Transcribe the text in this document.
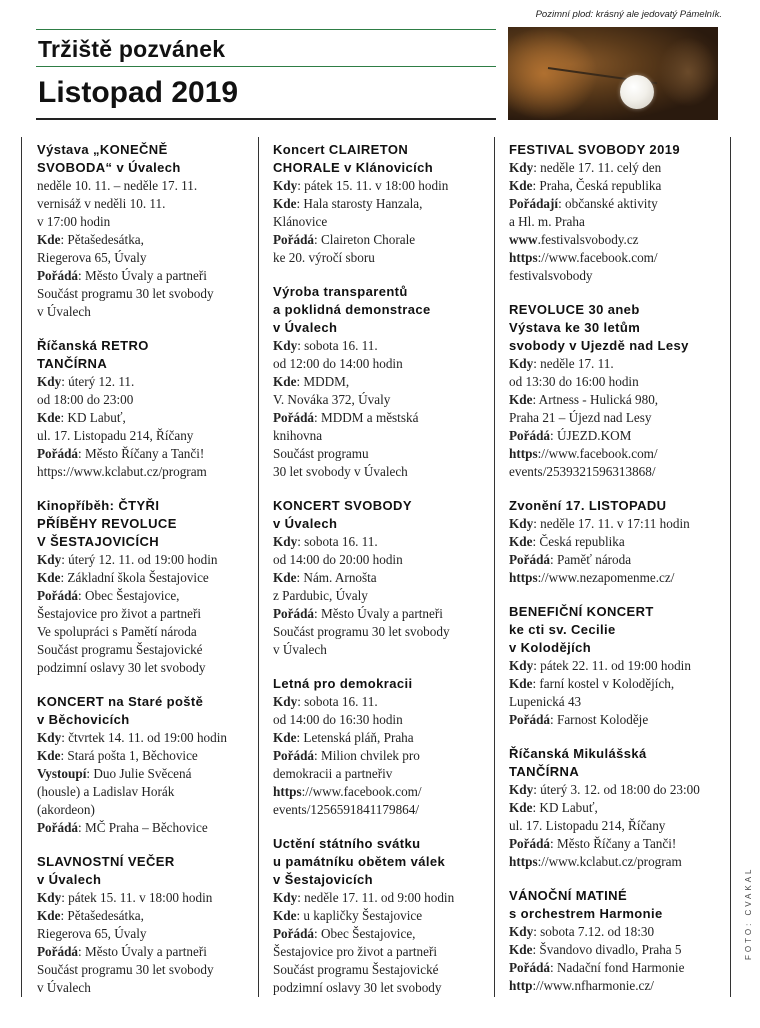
Pozimní plod: krásný ale jedovatý Pámelník.
Tržiště pozvánek
Listopad 2019
Výstava „KONEČNĚ
SVOBODA“ v Úvalech
neděle 10. 11. – neděle 17. 11.
vernisáž v neděli 10. 11.
v 17:00 hodin
Kde: Pětašedesátka,
Riegerova 65, Úvaly
Pořádá: Město Úvaly a partneři
Součást programu 30 let svobody
v Úvalech
Říčanská RETRO
TANČÍRNA
Kdy: úterý 12. 11.
od 18:00 do 23:00
Kde: KD Labuť,
ul. 17. Listopadu 214, Říčany
Pořádá: Město Říčany a Tanči!
https://www.kclabut.cz/program
Kinopříběh: ČTYŘI
PŘÍBĚHY REVOLUCE
V ŠESTAJOVICÍCH
Kdy: úterý 12. 11. od 19:00 hodin
Kde: Základní škola Šestajovice
Pořádá: Obec Šestajovice,
Šestajovice pro život a partneři
Ve spolupráci s Pamětí národa
Součást programu Šestajovické
podzimní oslavy 30 let svobody
KONCERT na Staré poště
v Běchovicích
Kdy: čtvrtek 14. 11. od 19:00 hodin
Kde: Stará pošta 1, Běchovice
Vystoupí: Duo Julie Svěcená
(housle) a Ladislav Horák
(akordeon)
Pořádá: MČ Praha – Běchovice
SLAVNOSTNÍ VEČER
v Úvalech
Kdy: pátek 15. 11. v 18:00 hodin
Kde: Pětašedesátka,
Riegerova 65, Úvaly
Pořádá: Město Úvaly a partneři
Součást programu 30 let svobody
v Úvalech
Koncert CLAIRETON
CHORALE v Klánovicích
Kdy: pátek 15. 11. v 18:00 hodin
Kde: Hala starosty Hanzala,
Klánovice
Pořádá: Claireton Chorale
ke 20. výročí sboru
Výroba transparentů
a poklidná demonstrace
v Úvalech
Kdy: sobota 16. 11.
od 12:00 do 14:00 hodin
Kde: MDDM,
V. Nováka 372, Úvaly
Pořádá: MDDM a městská
knihovna
Součást programu
30 let svobody v Úvalech
KONCERT SVOBODY
v Úvalech
Kdy: sobota 16. 11.
od 14:00 do 20:00 hodin
Kde: Nám. Arnošta
z Pardubic, Úvaly
Pořádá: Město Úvaly a partneři
Součást programu 30 let svobody
v Úvalech
Letná pro demokracii
Kdy: sobota 16. 11.
od 14:00 do 16:30 hodin
Kde: Letenská pláň, Praha
Pořádá: Milion chvilek pro
demokracii a partneřiv
https://www.facebook.com/
events/1256591841179864/
Uctění státního svátku
u památníku obětem válek
v Šestajovicích
Kdy: neděle 17. 11. od 9:00 hodin
Kde: u kapličky Šestajovice
Pořádá: Obec Šestajovice,
Šestajovice pro život a partneři
Součást programu Šestajovické
podzimní oslavy 30 let svobody
FESTIVAL SVOBODY 2019
Kdy: neděle 17. 11. celý den
Kde: Praha, Česká republika
Pořádají: občanské aktivity
a Hl. m. Praha
www.festivalsvobody.cz
https://www.facebook.com/
festivalsvobody
REVOLUCE 30 aneb
Výstava ke 30 letům
svobody v Ujezdě nad Lesy
Kdy: neděle 17. 11.
od 13:30 do 16:00 hodin
Kde: Artness - Hulická 980,
Praha 21 – Újezd nad Lesy
Pořádá: ÚJEZD.KOM
https://www.facebook.com/
events/2539321596313868/
Zvonění 17. LISTOPADU
Kdy: neděle 17. 11. v 17:11 hodin
Kde: Česká republika
Pořádá: Paměť národa
https://www.nezapomenme.cz/
BENEFIČNÍ KONCERT
ke cti sv. Cecilie
v Kolodějích
Kdy: pátek 22. 11. od 19:00 hodin
Kde: farní kostel v Kolodějích,
Lupenická 43
Pořádá: Farnost Koloděje
Říčanská Mikulášská
TANČÍRNA
Kdy: úterý 3. 12. od 18:00 do 23:00
Kde: KD Labuť,
ul. 17. Listopadu 214, Říčany
Pořádá: Město Říčany a Tanči!
https://www.kclabut.cz/program
VÁNOČNÍ MATINÉ
s orchestrem Harmonie
Kdy: sobota 7.12. od 18:30
Kde: Švandovo divadlo, Praha 5
Pořádá: Nadační fond Harmonie
http://www.nfharmonie.cz/
FOTO: CVAKAL
